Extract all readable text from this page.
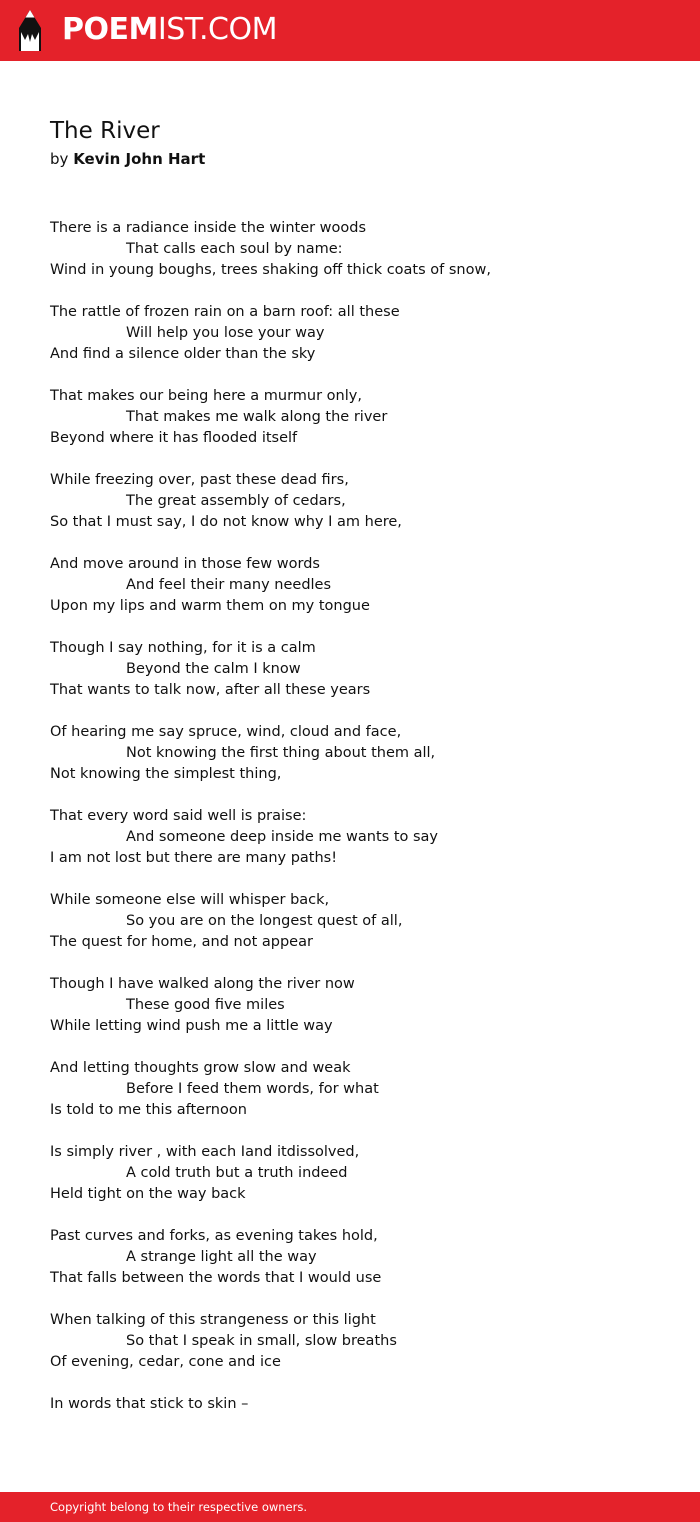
POEMIST.COM
The River
by Kevin John Hart
There is a radiance inside the winter woods
That calls each soul by name:
Wind in young boughs, trees shaking off thick coats of snow,
The rattle of frozen rain on a barn roof: all these
Will help you lose your way
And find a silence older than the sky
That makes our being here a murmur only,
That makes me walk along the river
Beyond where it has flooded itself
While freezing over, past these dead firs,
The great assembly of cedars,
So that I must say, I do not know why I am here,
And move around in those few words
And feel their many needles
Upon my lips and warm them on my tongue
Though I say nothing, for it is a calm
Beyond the calm I know
That wants to talk now, after all these years
Of hearing me say spruce, wind, cloud and face,
Not knowing the first thing about them all,
Not knowing the simplest thing,
That every word said well is praise:
And someone deep inside me wants to say
I am not lost but there are many paths!
While someone else will whisper back,
So you are on the longest quest of all,
The quest for home, and not appear
Though I have walked along the river now
These good five miles
While letting wind push me a little way
And letting thoughts grow slow and weak
Before I feed them words, for what
Is told to me this afternoon
Is simply river , with each Iand itdissolved,
A cold truth but a truth indeed
Held tight on the way back
Past curves and forks, as evening takes hold,
A strange light all the way
That falls between the words that I would use
When talking of this strangeness or this light
So that I speak in small, slow breaths
Of evening, cedar, cone and ice
In words that stick to skin –
Copyright belong to their respective owners.
